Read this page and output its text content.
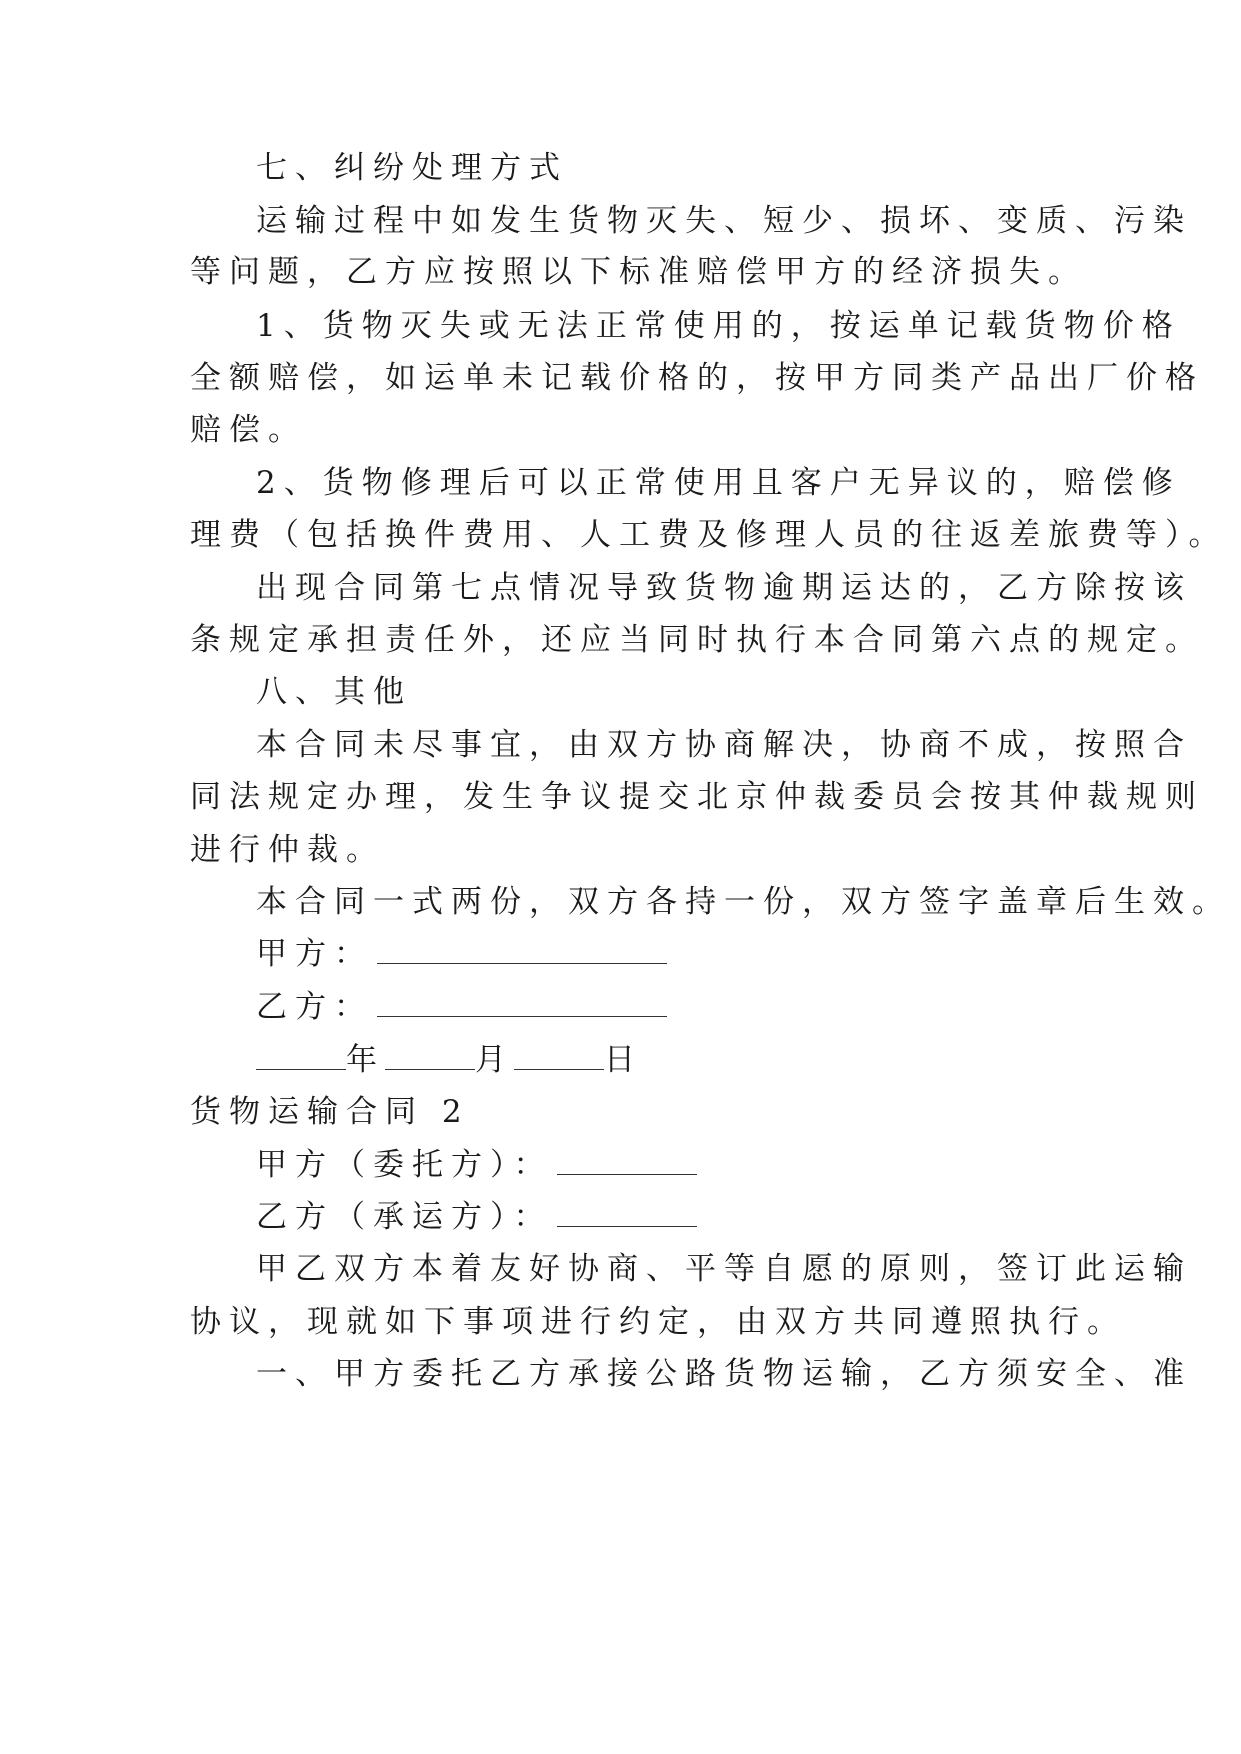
七、纠纷处理方式
运输过程中如发生货物灭失、短少、损坏、变质、污染
等问题，乙方应按照以下标准赔偿甲方的经济损失。
1、货物灭失或无法正常使用的，按运单记载货物价格
全额赔偿，如运单未记载价格的，按甲方同类产品出厂价格
赔偿。
2、货物修理后可以正常使用且客户无异议的，赔偿修
理费（包括换件费用、人工费及修理人员的往返差旅费等）。
出现合同第七点情况导致货物逾期运达的，乙方除按该
条规定承担责任外，还应当同时执行本合同第六点的规定。
八、其他
本合同未尽事宜，由双方协商解决，协商不成，按照合
同法规定办理，发生争议提交北京仲裁委员会按其仲裁规则
进行仲裁。
本合同一式两份，双方各持一份，双方签字盖章后生效。
甲方：
乙方：
年	月	日
货物运输合同 2
甲方（委托方）：
乙方（承运方）：
甲乙双方本着友好协商、平等自愿的原则，签订此运输
协议，现就如下事项进行约定，由双方共同遵照执行。
一、甲方委托乙方承接公路货物运输，乙方须安全、准
